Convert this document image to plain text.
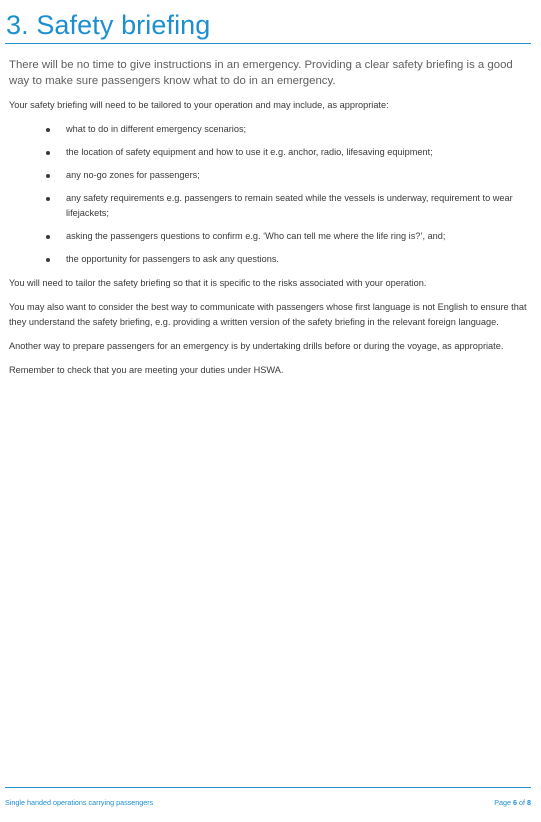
3. Safety briefing

There will be no time to give instructions in an emergency. Providing a clear safety briefing is a good way to make sure passengers know what to do in an emergency.

Your safety briefing will need to be tailored to your operation and may include, as appropriate:

what to do in different emergency scenarios;
the location of safety equipment and how to use it e.g. anchor, radio, lifesaving equipment;
any no-go zones for passengers;
any safety requirements e.g. passengers to remain seated while the vessels is underway, requirement to wear lifejackets;
asking the passengers questions to confirm e.g. ‘Who can tell me where the life ring is?’, and;
the opportunity for passengers to ask any questions.

You will need to tailor the safety briefing so that it is specific to the risks associated with your operation.

You may also want to consider the best way to communicate with passengers whose first language is not English to ensure that they understand the safety briefing, e.g. providing a written version of the safety briefing in the relevant foreign language.

Another way to prepare passengers for an emergency is by undertaking drills before or during the voyage, as appropriate.

Remember to check that you are meeting your duties under HSWA.

Single handed operations carrying passengers	Page 6 of 8
